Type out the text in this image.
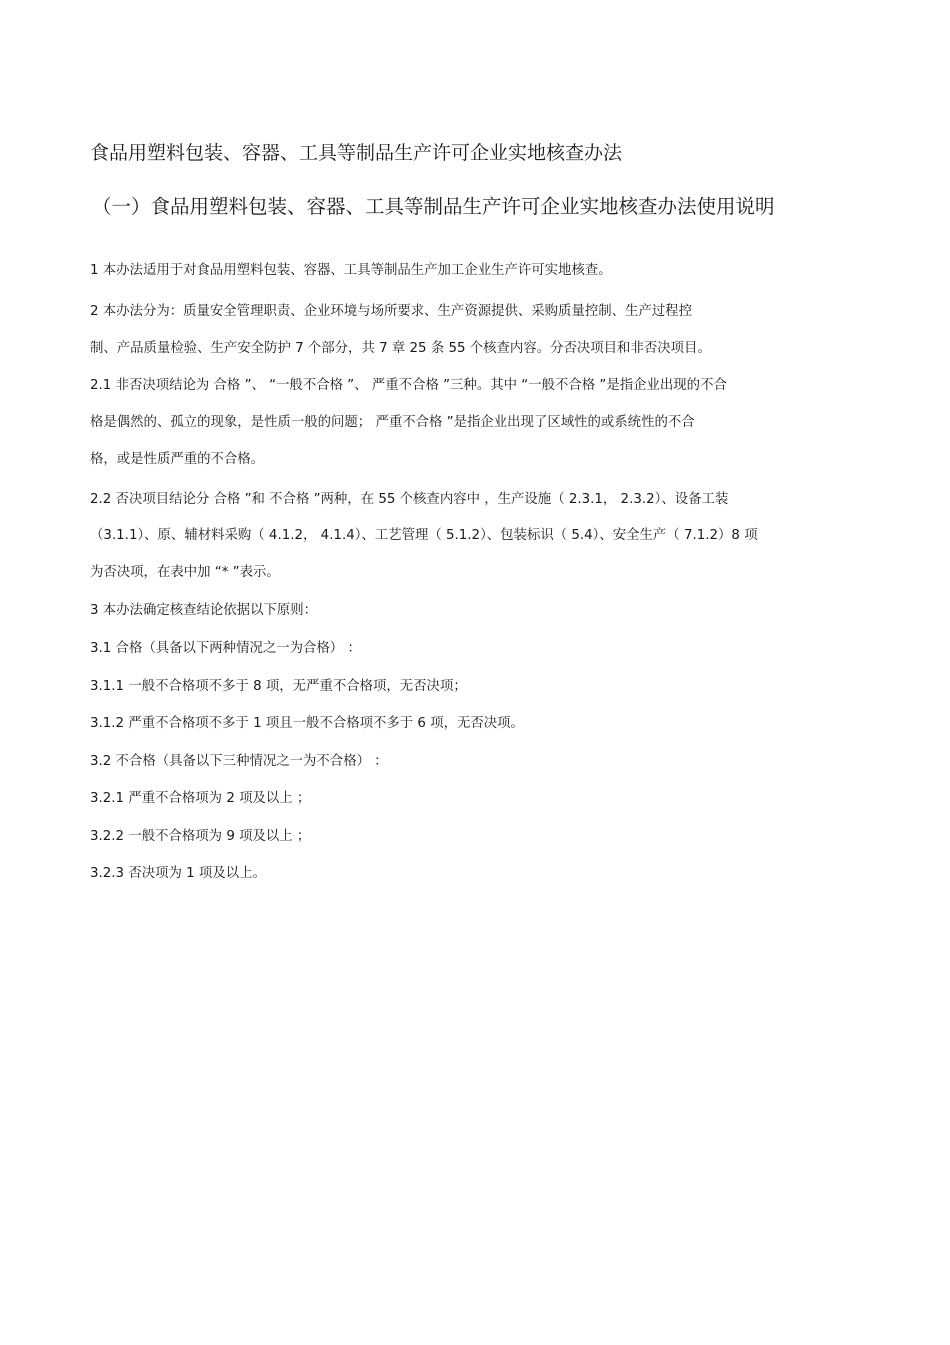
食品用塑料包装、容器、工具等制品生产许可企业实地核查办法
（一）食品用塑料包装、容器、工具等制品生产许可企业实地核查办法使用说明
1 本办法适用于对食品用塑料包装、容器、工具等制品生产加工企业生产许可实地核查。
2 本办法分为：质量安全管理职责、企业环境与场所要求、生产资源提供、采购质量控制、生产过程控
制、产品质量检验、生产安全防护 7 个部分，共 7 章 25 条 55 个核查内容。分否决项目和非否决项目。
2.1 非否决项结论为 合格 ”、 “一般不合格 ”、 严重不合格 ”三种。其中 “一般不合格 ”是指企业出现的不合
格是偶然的、孤立的现象，是性质一般的问题； 严重不合格 ”是指企业出现了区域性的或系统性的不合
格，或是性质严重的不合格。
2.2 否决项目结论分 合格 ”和 不合格 ”两种，在 55 个核查内容中 ，生产设施（ 2.3.1， 2.3.2）、设备工装
（3.1.1）、原、辅材料采购（ 4.1.2， 4.1.4）、工艺管理（ 5.1.2）、包装标识（ 5.4）、安全生产（ 7.1.2）8 项
为否决项，在表中加 “* ”表示。
3 本办法确定核查结论依据以下原则：
3.1 合格（具备以下两种情况之一为合格） ：
3.1.1 一般不合格项不多于 8 项，无严重不合格项，无否决项；
3.1.2 严重不合格项不多于 1 项且一般不合格项不多于 6 项，无否决项。
3.2 不合格（具备以下三种情况之一为不合格） ：
3.2.1 严重不合格项为 2 项及以上 ；
3.2.2 一般不合格项为 9 项及以上 ；
3.2.3 否决项为 1 项及以上。
